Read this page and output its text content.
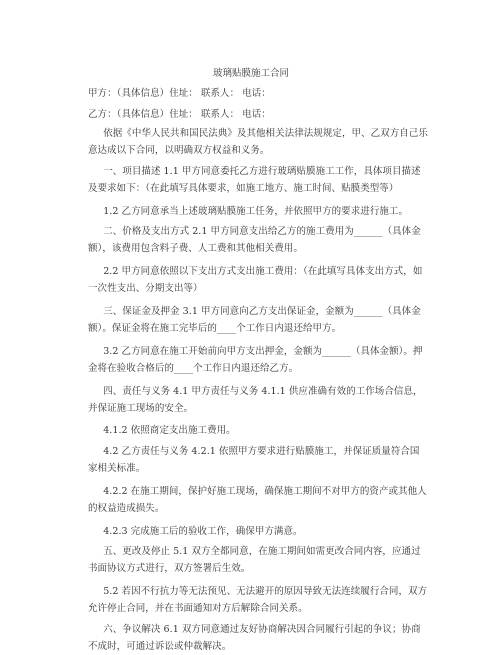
玻璃贴膜施工合同

甲方：（具体信息）住址： 联系人： 电话：

乙方：（具体信息）住址： 联系人： 电话：

依据《中华人民共和国民法典》及其他相关法律法规规定，甲、乙双方自己乐意达成以下合同，以明确双方权益和义务。

一、项目描述 1.1 甲方同意委托乙方进行玻璃贴膜施工工作，具体项目描述及要求如下：（在此填写具体要求，如施工地方、施工时间、贴膜类型等）

1.2 乙方同意承当上述玻璃贴膜施工任务，并依照甲方的要求进行施工。

二、价格及支出方式 2.1 甲方同意支出给乙方的施工费用为______（具体金额），该费用包含料子费、人工费和其他相关费用。

2.2 甲方同意依照以下支出方式支出施工费用：（在此填写具体支出方式，如一次性支出、分期支出等）

三、保证金及押金 3.1 甲方同意向乙方支出保证金，金额为______（具体金额）。保证金将在施工完毕后的____个工作日内退还给甲方。

3.2 乙方同意在施工开始前向甲方支出押金，金额为______（具体金额）。押金将在验收合格后的____个工作日内退还给乙方。

四、责任与义务 4.1 甲方责任与义务 4.1.1 供应准确有效的工作场合信息，并保证施工现场的安全。

4.1.2 依照商定支出施工费用。

4.2 乙方责任与义务 4.2.1 依照甲方要求进行贴膜施工，并保证质量符合国家相关标准。

4.2.2 在施工期间，保护好施工现场，确保施工期间不对甲方的资产或其他人的权益造成损失。

4.2.3 完成施工后的验收工作，确保甲方满意。

五、更改及停止 5.1 双方全都同意，在施工期间如需更改合同内容，应通过书面协议方式进行，双方签署后生效。

5.2 若因不行抗力等无法预见、无法避开的原因导致无法连续履行合同，双方允许停止合同，并在书面通知对方后解除合同关系。

六、争议解决 6.1 双方同意通过友好协商解决因合同履行引起的争议；协商不成时，可通过诉讼或仲裁解决。
